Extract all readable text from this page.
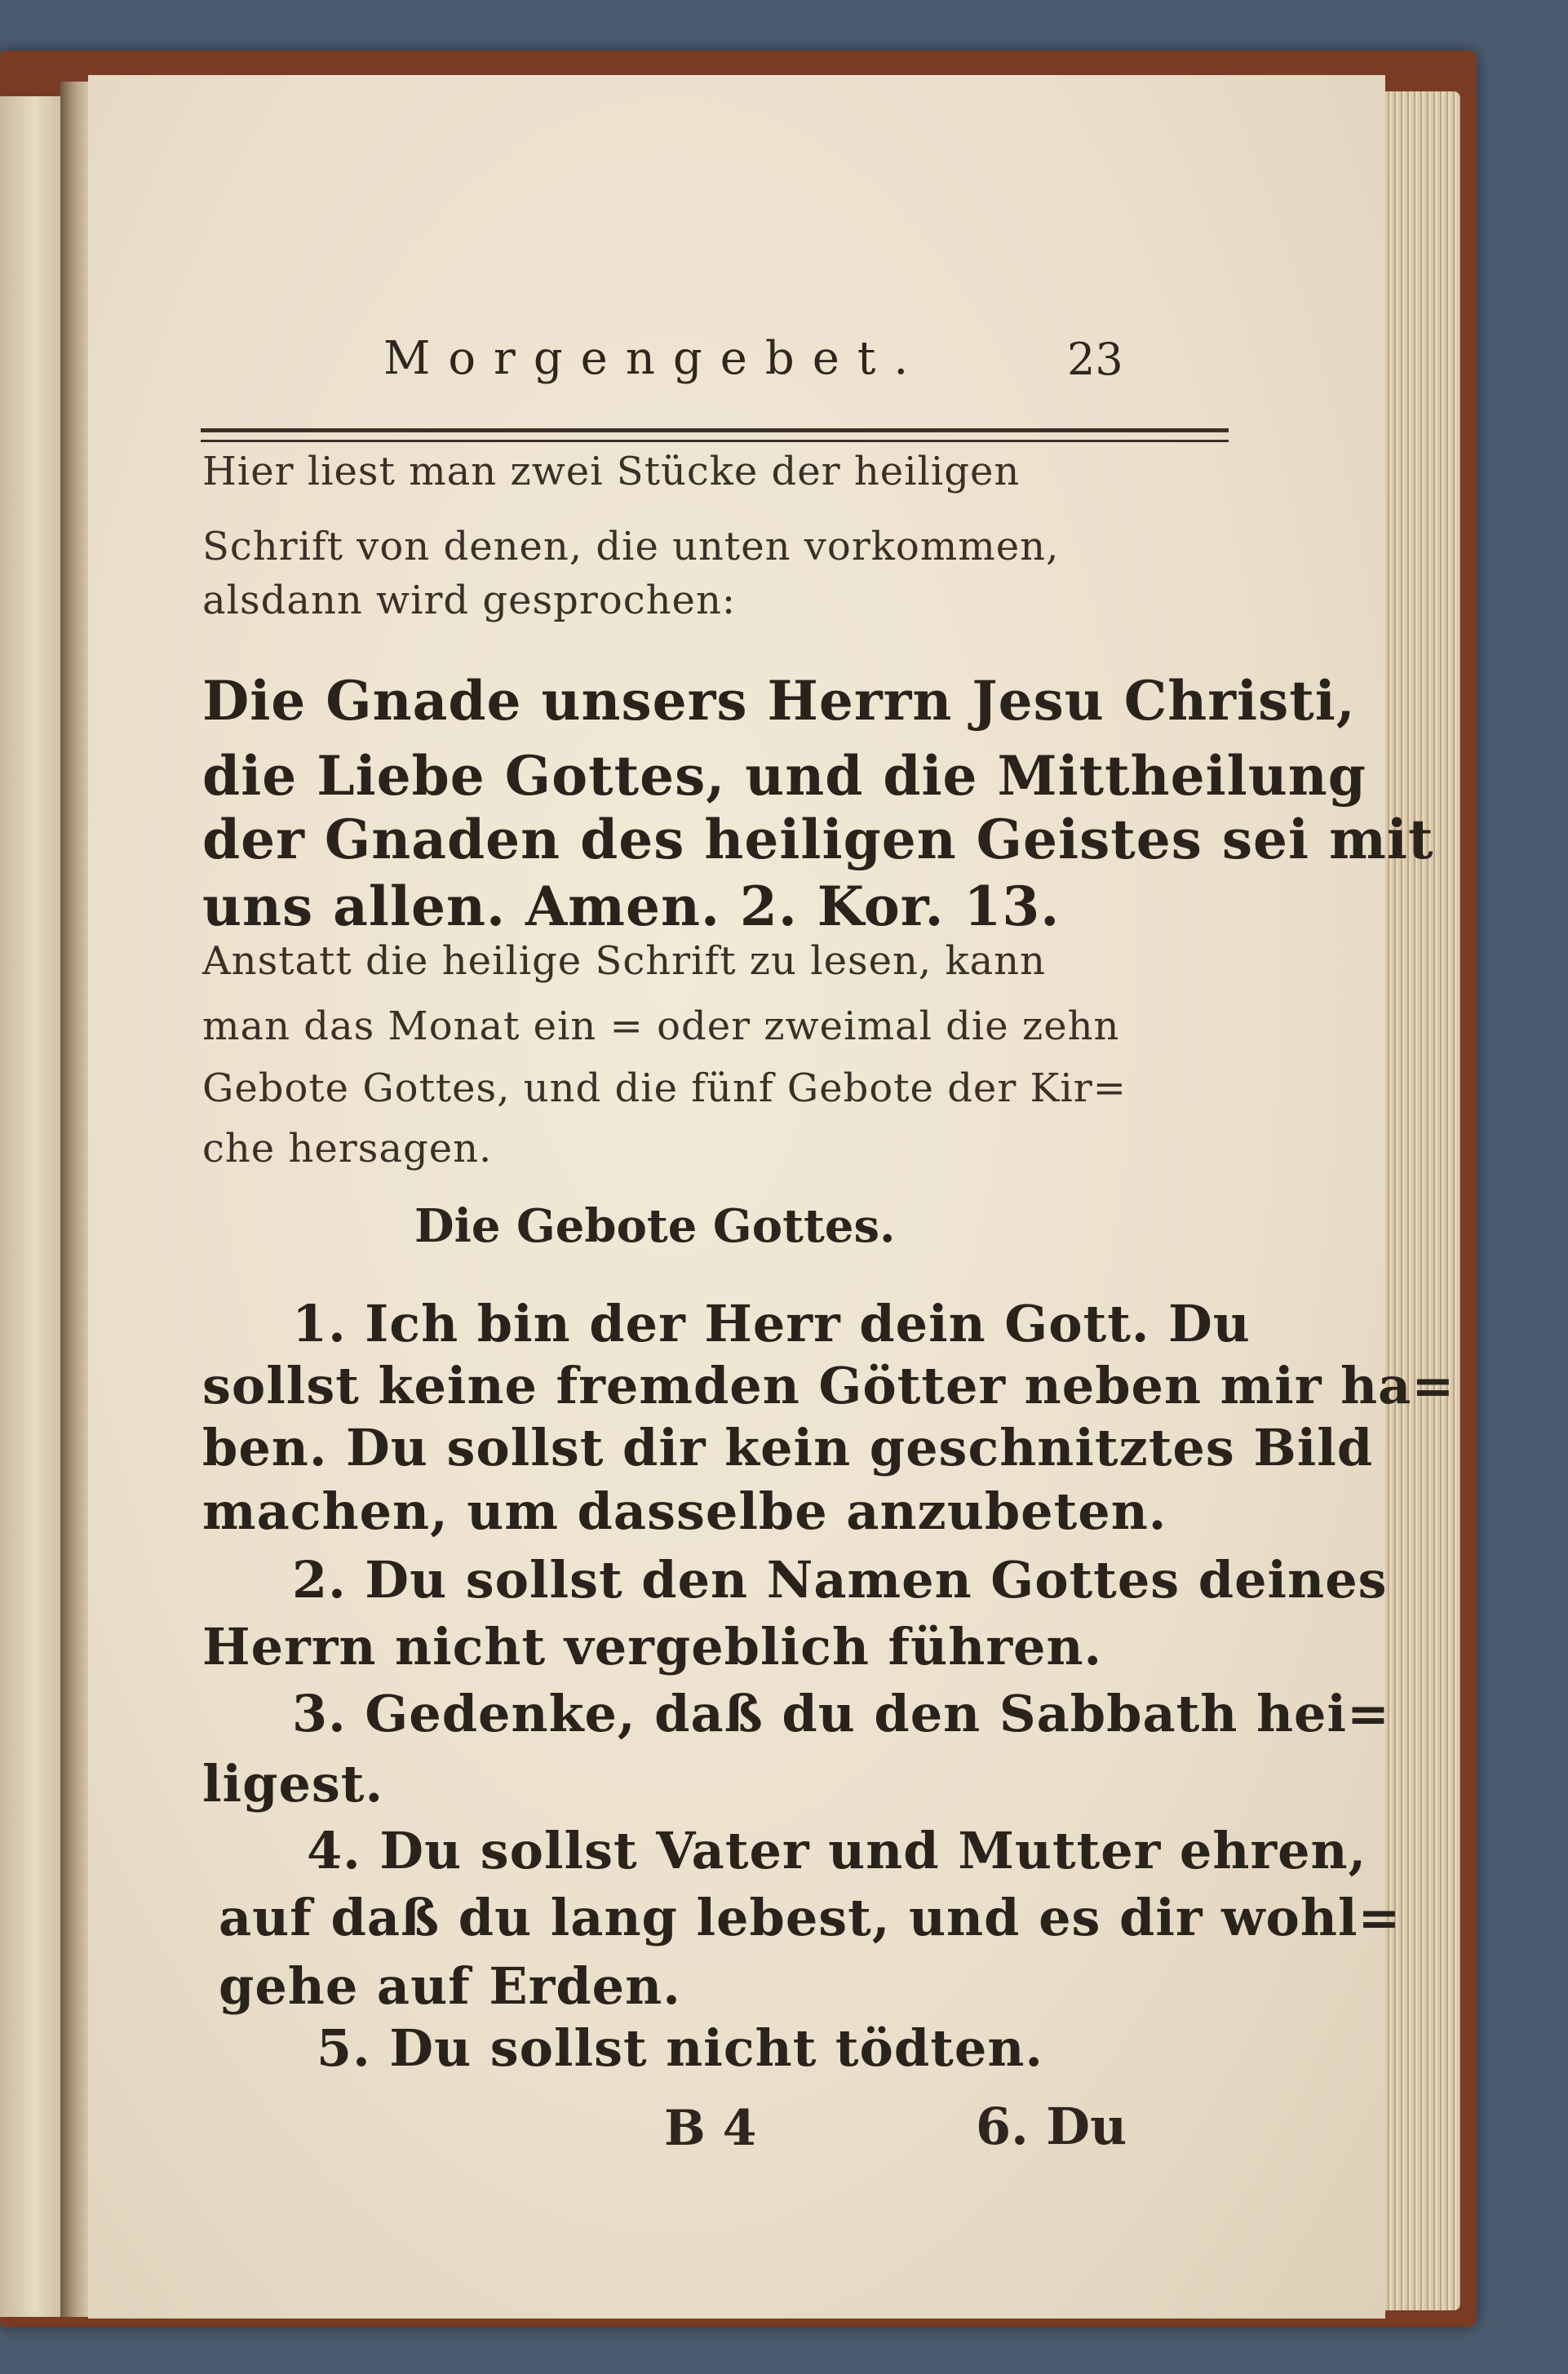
Morgengebet.	23
Hier liest man zwei Stücke der heiligen
Schrift von denen, die unten vorkommen,
alsdann wird gesprochen:
Die Gnade unsers Herrn Jesu Christi,
die Liebe Gottes, und die Mittheilung
der Gnaden des heiligen Geistes sei mit
uns allen. Amen. 2. Kor. 13.
Anstatt die heilige Schrift zu lesen, kann
man das Monat ein = oder zweimal die zehn
Gebote Gottes, und die fünf Gebote der Kir=
che hersagen.
Die Gebote Gottes.
1. Ich bin der Herr dein Gott. Du
sollst keine fremden Götter neben mir ha=
ben. Du sollst dir kein geschnitztes Bild
machen, um dasselbe anzubeten.
2. Du sollst den Namen Gottes deines
Herrn nicht vergeblich führen.
3. Gedenke, daß du den Sabbath hei=
ligest.
4. Du sollst Vater und Mutter ehren,
auf daß du lang lebest, und es dir wohl=
gehe auf Erden.
5. Du sollst nicht tödten.
B 4	6. Du
